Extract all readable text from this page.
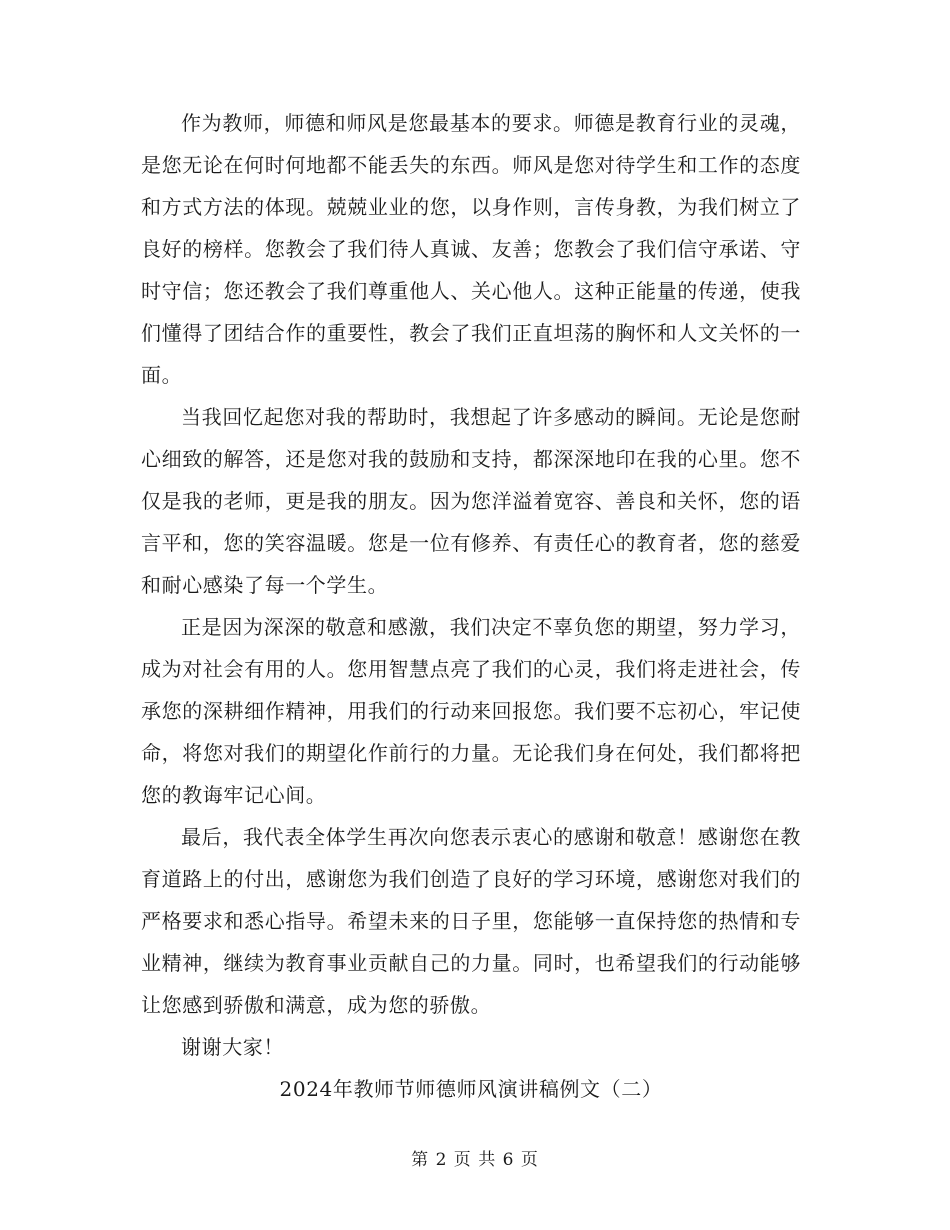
作为教师，师德和师风是您最基本的要求。师德是教育行业的灵魂，是您无论在何时何地都不能丢失的东西。师风是您对待学生和工作的态度和方式方法的体现。兢兢业业的您，以身作则，言传身教，为我们树立了良好的榜样。您教会了我们待人真诚、友善；您教会了我们信守承诺、守时守信；您还教会了我们尊重他人、关心他人。这种正能量的传递，使我们懂得了团结合作的重要性，教会了我们正直坦荡的胸怀和人文关怀的一面。

当我回忆起您对我的帮助时，我想起了许多感动的瞬间。无论是您耐心细致的解答，还是您对我的鼓励和支持，都深深地印在我的心里。您不仅是我的老师，更是我的朋友。因为您洋溢着宽容、善良和关怀，您的语言平和，您的笑容温暖。您是一位有修养、有责任心的教育者，您的慈爱和耐心感染了每一个学生。

正是因为深深的敬意和感激，我们决定不辜负您的期望，努力学习，成为对社会有用的人。您用智慧点亮了我们的心灵，我们将走进社会，传承您的深耕细作精神，用我们的行动来回报您。我们要不忘初心，牢记使命，将您对我们的期望化作前行的力量。无论我们身在何处，我们都将把您的教诲牢记心间。

最后，我代表全体学生再次向您表示衷心的感谢和敬意！感谢您在教育道路上的付出，感谢您为我们创造了良好的学习环境，感谢您对我们的严格要求和悉心指导。希望未来的日子里，您能够一直保持您的热情和专业精神，继续为教育事业贡献自己的力量。同时，也希望我们的行动能够让您感到骄傲和满意，成为您的骄傲。

谢谢大家！

2024年教师节师德师风演讲稿例文（二）

第 2 页 共 6 页
